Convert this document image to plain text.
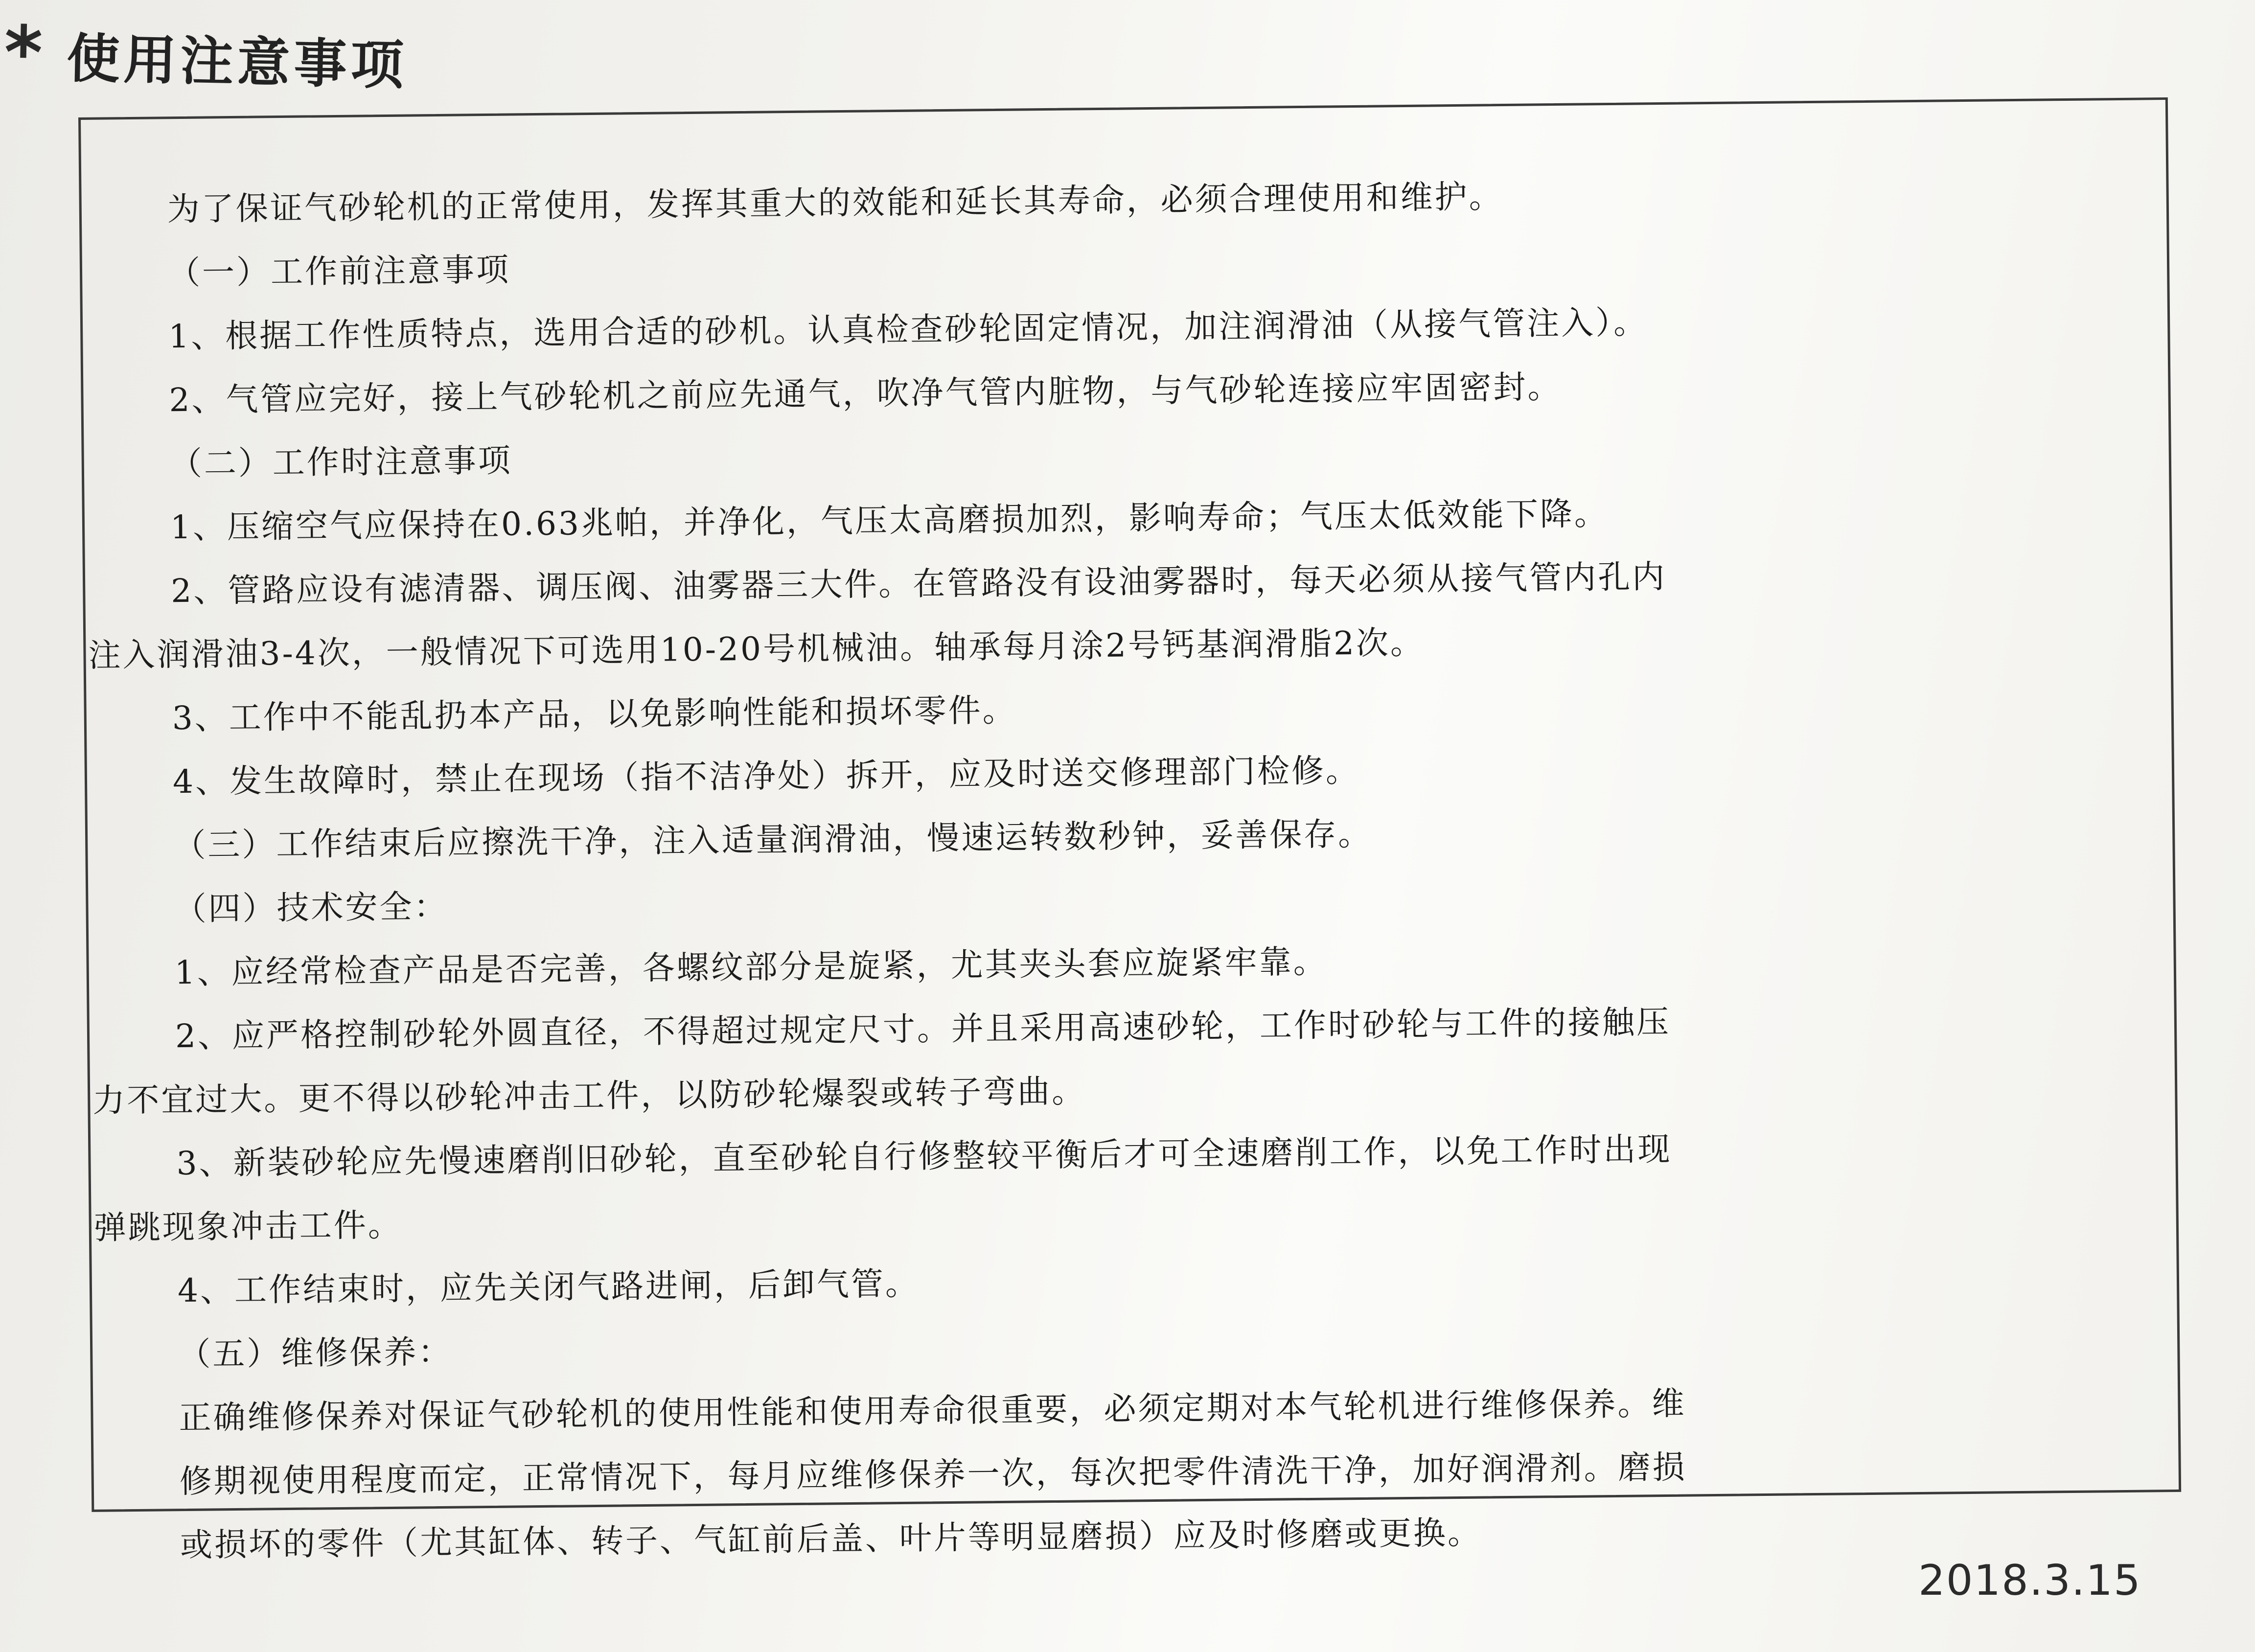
* 使用注意事项
为了保证气砂轮机的正常使用，发挥其重大的效能和延长其寿命，必须合理使用和维护。
（一）工作前注意事项
1、根据工作性质特点，选用合适的砂机。认真检查砂轮固定情况，加注润滑油（从接气管注入）。
2、气管应完好，接上气砂轮机之前应先通气，吹净气管内脏物，与气砂轮连接应牢固密封。
（二）工作时注意事项
1、压缩空气应保持在0.63兆帕，并净化，气压太高磨损加烈，影响寿命；气压太低效能下降。
2、管路应设有滤清器、调压阀、油雾器三大件。在管路没有设油雾器时，每天必须从接气管内孔内
注入润滑油3-4次，一般情况下可选用10-20号机械油。轴承每月涂2号钙基润滑脂2次。
3、工作中不能乱扔本产品，以免影响性能和损坏零件。
4、发生故障时，禁止在现场（指不洁净处）拆开，应及时送交修理部门检修。
（三）工作结束后应擦洗干净，注入适量润滑油，慢速运转数秒钟，妥善保存。
（四）技术安全：
1、应经常检查产品是否完善，各螺纹部分是旋紧，尤其夹头套应旋紧牢靠。
2、应严格控制砂轮外圆直径，不得超过规定尺寸。并且采用高速砂轮，工作时砂轮与工件的接触压
力不宜过大。更不得以砂轮冲击工件，以防砂轮爆裂或转子弯曲。
3、新装砂轮应先慢速磨削旧砂轮，直至砂轮自行修整较平衡后才可全速磨削工作，以免工作时出现
弹跳现象冲击工件。
4、工作结束时，应先关闭气路进闸，后卸气管。
（五）维修保养：
正确维修保养对保证气砂轮机的使用性能和使用寿命很重要，必须定期对本气轮机进行维修保养。维
修期视使用程度而定，正常情况下，每月应维修保养一次，每次把零件清洗干净，加好润滑剂。磨损
或损坏的零件（尤其缸体、转子、气缸前后盖、叶片等明显磨损）应及时修磨或更换。
2018.3.15
